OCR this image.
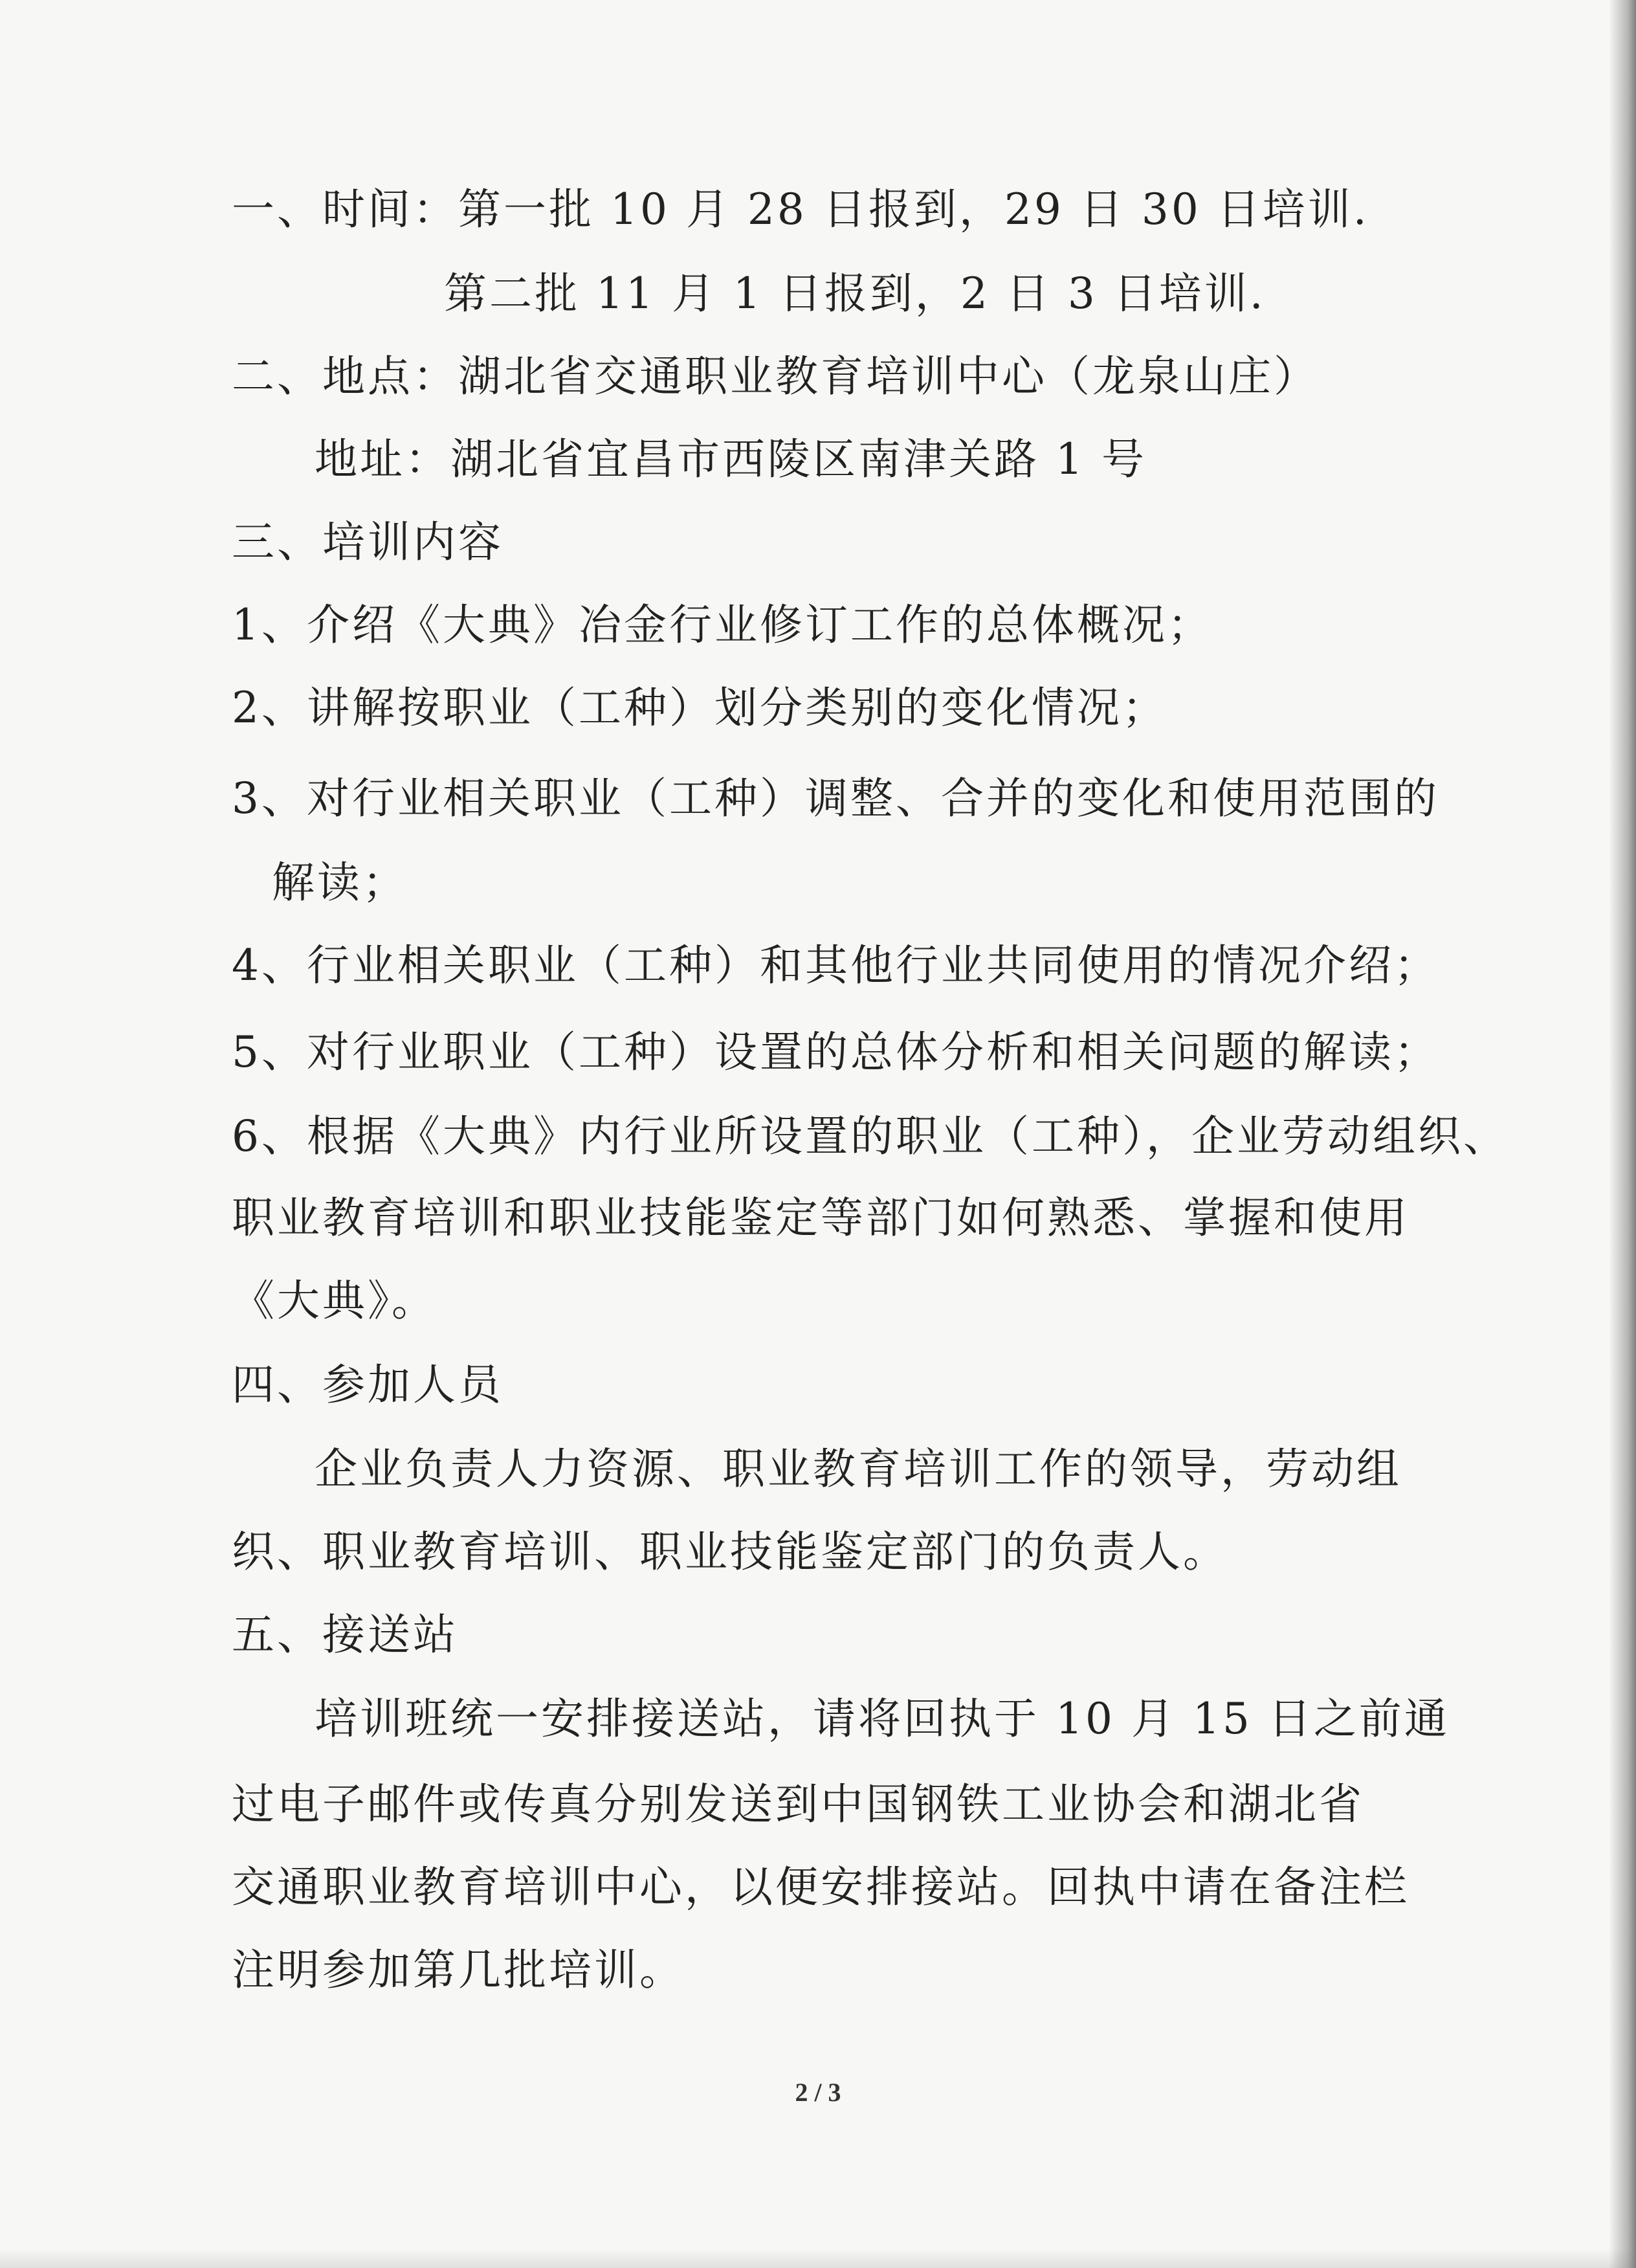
一、时间：第一批 10 月 28 日报到，29 日 30 日培训.
第二批 11 月 1 日报到，2 日 3 日培训.
二、地点：湖北省交通职业教育培训中心（龙泉山庄）
地址：湖北省宜昌市西陵区南津关路 1 号
三、培训内容
1、介绍《大典》冶金行业修订工作的总体概况；
2、讲解按职业（工种）划分类别的变化情况；
3、对行业相关职业（工种）调整、合并的变化和使用范围的
解读；
4、行业相关职业（工种）和其他行业共同使用的情况介绍；
5、对行业职业（工种）设置的总体分析和相关问题的解读；
6、根据《大典》内行业所设置的职业（工种），企业劳动组织、
职业教育培训和职业技能鉴定等部门如何熟悉、掌握和使用
《大典》。
四、参加人员
企业负责人力资源、职业教育培训工作的领导，劳动组
织、职业教育培训、职业技能鉴定部门的负责人。
五、接送站
培训班统一安排接送站，请将回执于 10 月 15 日之前通
过电子邮件或传真分别发送到中国钢铁工业协会和湖北省
交通职业教育培训中心，以便安排接站。回执中请在备注栏
注明参加第几批培训。
2 / 3
